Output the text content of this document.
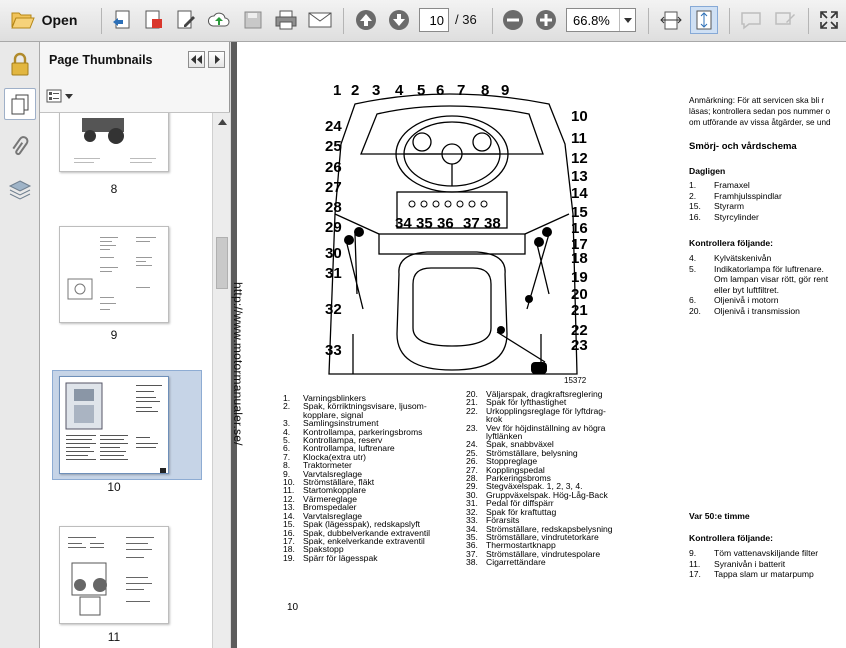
Open	10 / 36	66.8%
Page Thumbnails
8
9
10
11
http://www.motormanualer.se/
1 2 3 4 5 6 7 8 9
10
11
12
13
14
15
16
17
18
19
20
21
22
23
24
25
26
27
28
29
30
31
32
33
34 35 36 37 38
15372
1.	Varningsblinkers
2.	Spak, körriktningsvisare, ljusom-
kopplare, signal
3.	Samlingsinstrument
4.	Kontrollampa, parkeringsbroms
5.	Kontrollampa, reserv
6.	Kontrollampa, luftrenare
7.	Klocka(extra utr)
8.	Traktormeter
9.	Varvtalsreglage
10. Strömställare, fläkt
11.	Startomkopplare
12. Värmereglage
13. Bromspedaler
14. Varvtalsreglage
15. Spak (lägesspak), redskapslyft
16. Spak, dubbelverkande extraventil
17. Spak, enkelverkande extraventil
18. Spakstopp
19. Spärr för lägesspak
20. Väljarspak, dragkraftsreglering
21. Spak för lyfthastighet
22. Urkopplingsreglage för lyftdrag-
krok
23. Vev för höjdinställning av högra
lyftlänken
24. Spak, snabbväxel
25. Strömställare, belysning
26. Stoppreglage
27. Kopplingspedal
28. Parkeringsbroms
29. Stegväxelspak. 1, 2, 3, 4.
30. Gruppväxelspak. Hög-Låg-Back
31. Pedal för diffspärr
32. Spak för kraftuttag
33. Förarsits
34. Strömställare, redskapsbelysning
35. Strömställare, vindrutetorkare
36. Thermostartknapp
37. Strömställare, vindrutespolare
38. Cigarrettändare
10
Anmärkning: För att servicen ska bli r
läsas; kontrollera sedan pos nummer o
om utförande av vissa åtgärder, se und
Smörj- och vårdschema
Dagligen
1. Framaxel
2. Framhjulsspindlar
15. Styrarm
16. Styrcylinder
Kontrollera följande:
4. Kylvätskenivån
5. Indikatorlampa för luftrenare.
Om lampan visar rött, gör rent
eller byt luftfiltret.
6. Oljenivå i motorn
20. Oljenivå i transmission
Var 50:e timme
Kontrollera följande:
9. Töm vattenavskiljande filter
11. Syranivån i batterit
17. Tappa slam ur matarpump
